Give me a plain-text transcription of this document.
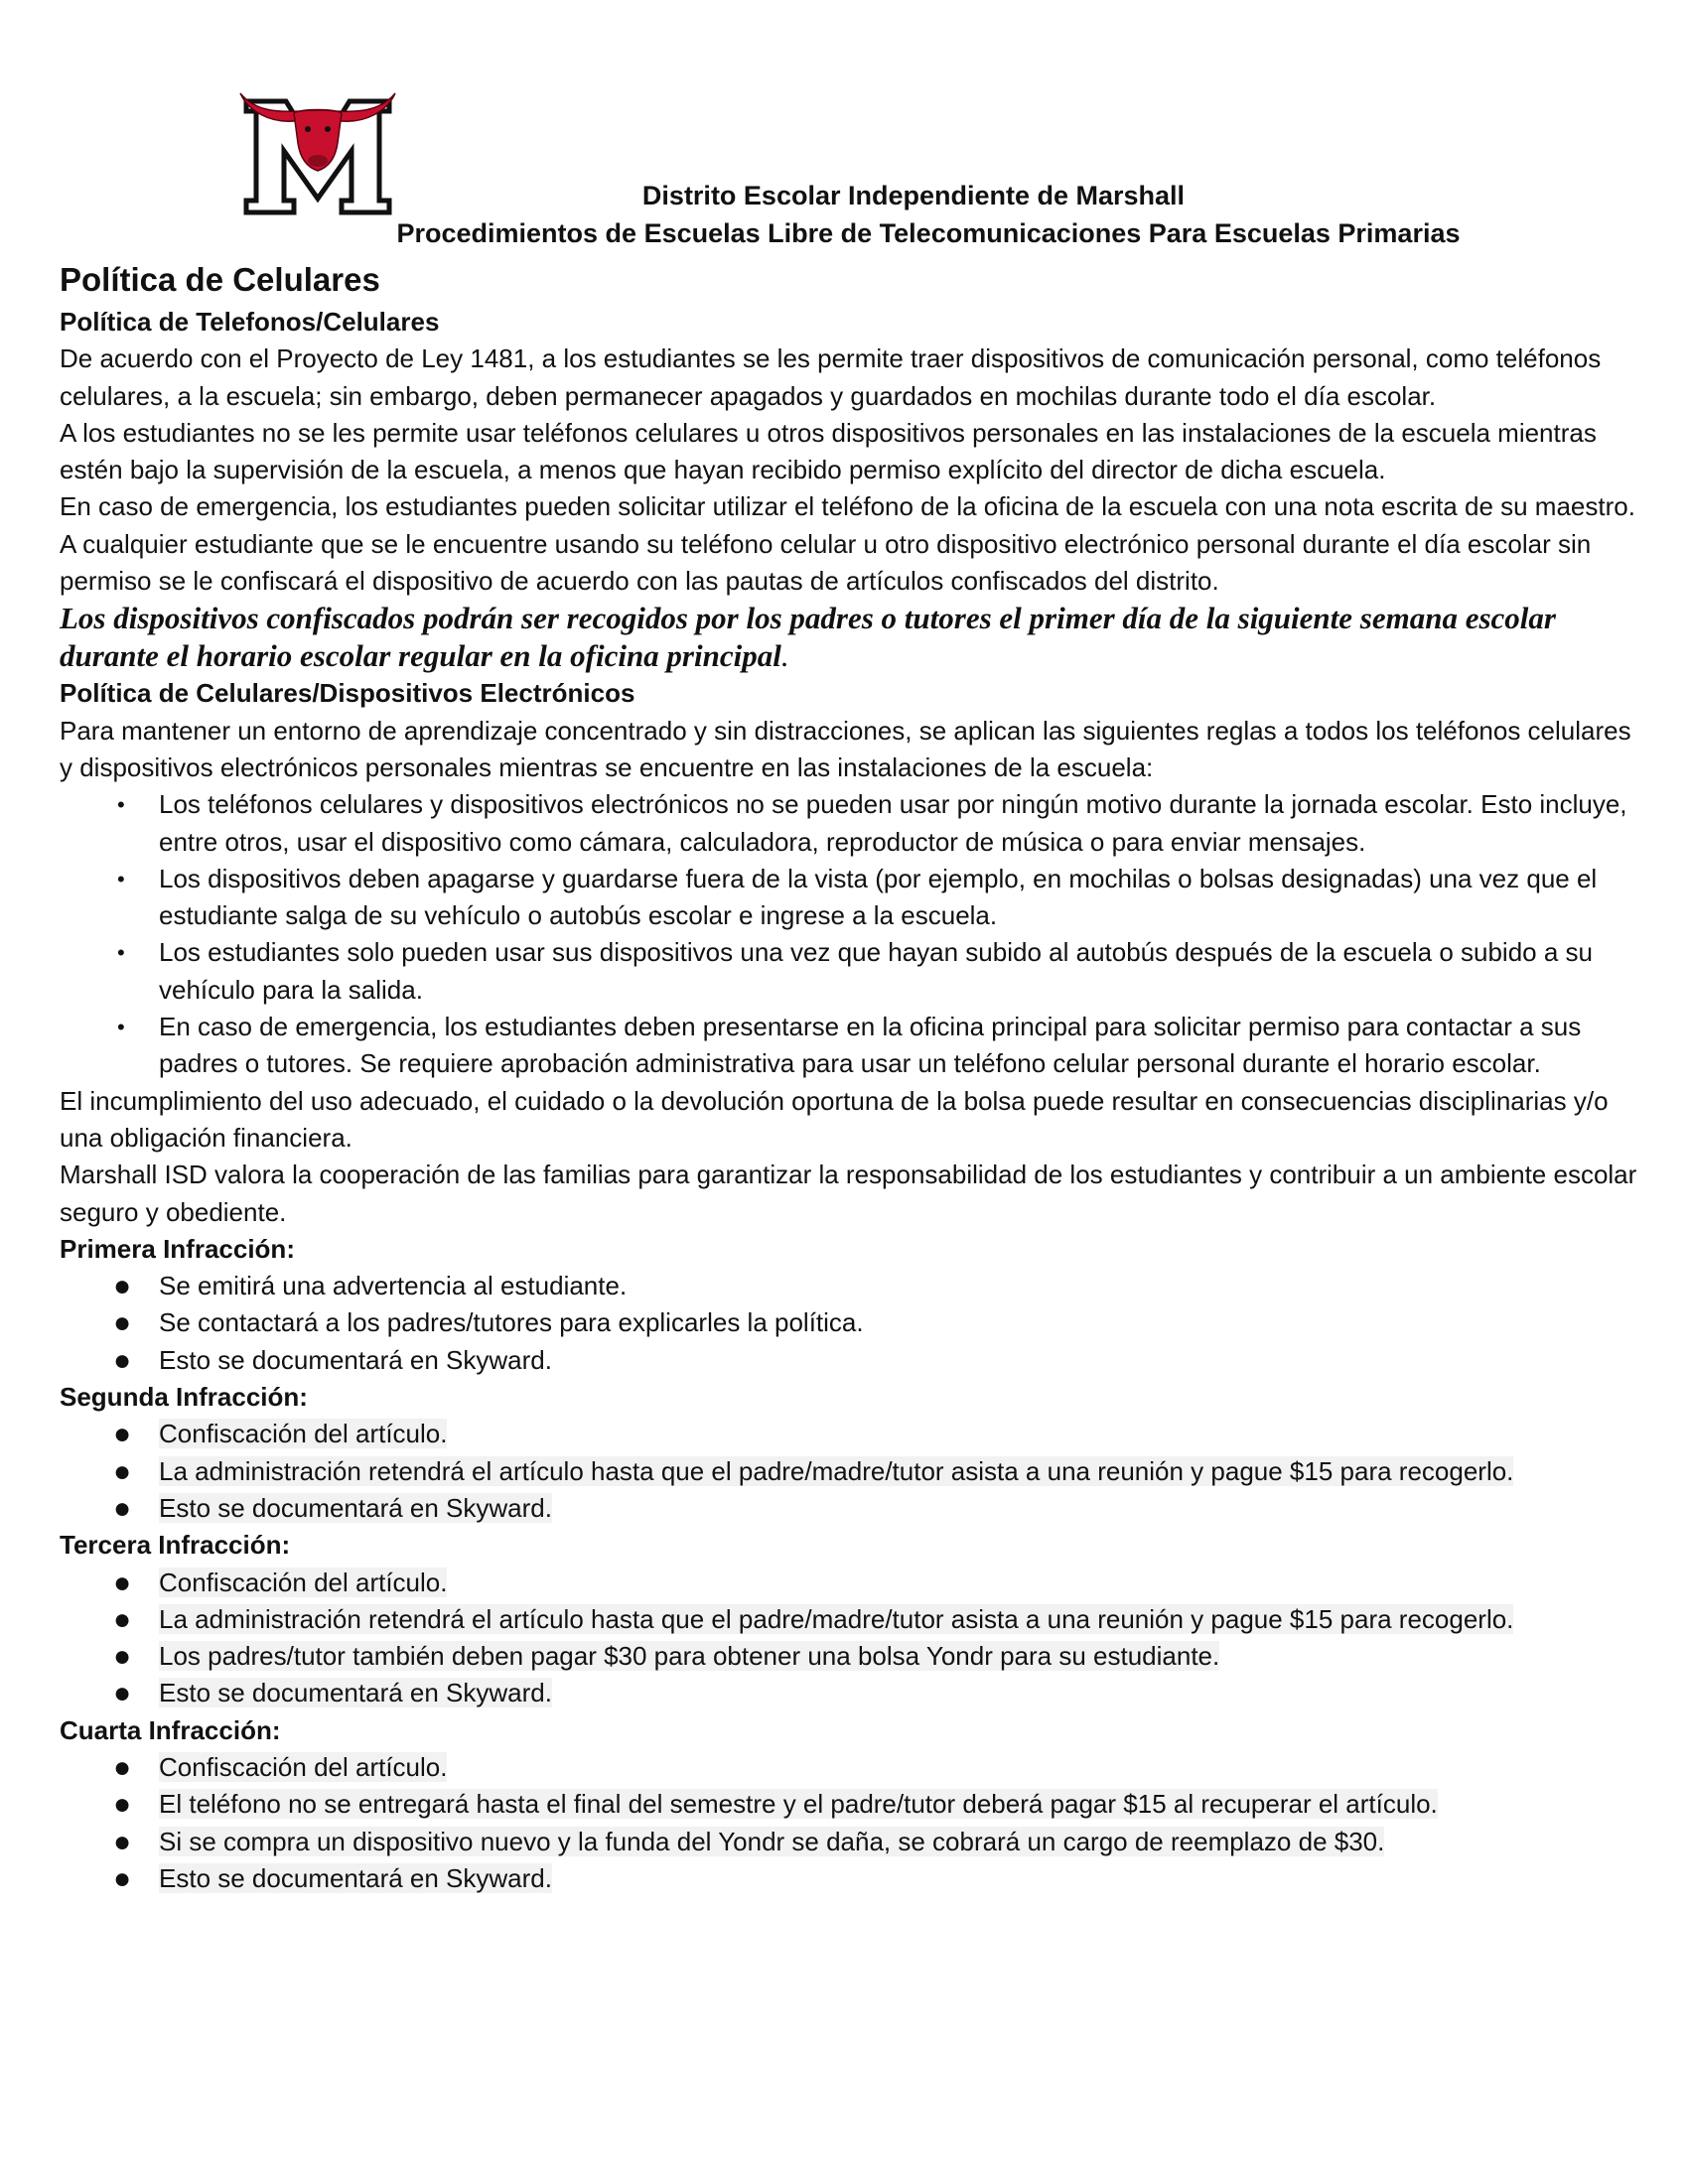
M
Distrito Escolar Independiente de Marshall
Procedimientos de Escuelas Libre de Telecomunicaciones Para Escuelas Primarias

Política de Celulares

Política de Telefonos/Celulares

De acuerdo con el Proyecto de Ley 1481, a los estudiantes se les permite traer dispositivos de comunicación personal, como teléfonos celulares, a la escuela; sin embargo, deben permanecer apagados y guardados en mochilas durante todo el día escolar.

A los estudiantes no se les permite usar teléfonos celulares u otros dispositivos personales en las instalaciones de la escuela mientras estén bajo la supervisión de la escuela, a menos que hayan recibido permiso explícito del director de dicha escuela.

En caso de emergencia, los estudiantes pueden solicitar utilizar el teléfono de la oficina de la escuela con una nota escrita de su maestro.

A cualquier estudiante que se le encuentre usando su teléfono celular u otro dispositivo electrónico personal durante el día escolar sin permiso se le confiscará el dispositivo de acuerdo con las pautas de artículos confiscados del distrito.

Los dispositivos confiscados podrán ser recogidos por los padres o tutores el primer día de la siguiente semana escolar durante el horario escolar regular en la oficina principal.

Política de Celulares/Dispositivos Electrónicos

Para mantener un entorno de aprendizaje concentrado y sin distracciones, se aplican las siguientes reglas a todos los teléfonos celulares y dispositivos electrónicos personales mientras se encuentre en las instalaciones de la escuela:

• Los teléfonos celulares y dispositivos electrónicos no se pueden usar por ningún motivo durante la jornada escolar. Esto incluye, entre otros, usar el dispositivo como cámara, calculadora, reproductor de música o para enviar mensajes.
• Los dispositivos deben apagarse y guardarse fuera de la vista (por ejemplo, en mochilas o bolsas designadas) una vez que el estudiante salga de su vehículo o autobús escolar e ingrese a la escuela.
• Los estudiantes solo pueden usar sus dispositivos una vez que hayan subido al autobús después de la escuela o subido a su vehículo para la salida.
• En caso de emergencia, los estudiantes deben presentarse en la oficina principal para solicitar permiso para contactar a sus padres o tutores. Se requiere aprobación administrativa para usar un teléfono celular personal durante el horario escolar.

El incumplimiento del uso adecuado, el cuidado o la devolución oportuna de la bolsa puede resultar en consecuencias disciplinarias y/o una obligación financiera.

Marshall ISD valora la cooperación de las familias para garantizar la responsabilidad de los estudiantes y contribuir a un ambiente escolar seguro y obediente.

Primera Infracción:

● Se emitirá una advertencia al estudiante.
● Se contactará a los padres/tutores para explicarles la política.
● Esto se documentará en Skyward.

Segunda Infracción:

● Confiscación del artículo.
● La administración retendrá el artículo hasta que el padre/madre/tutor asista a una reunión y pague $15 para recogerlo.
● Esto se documentará en Skyward.

Tercera Infracción:

● Confiscación del artículo.
● La administración retendrá el artículo hasta que el padre/madre/tutor asista a una reunión y pague $15 para recogerlo.
● Los padres/tutor también deben pagar $30 para obtener una bolsa Yondr para su estudiante.
● Esto se documentará en Skyward.

Cuarta Infracción:

● Confiscación del artículo.
● El teléfono no se entregará hasta el final del semestre y el padre/tutor deberá pagar $15 al recuperar el artículo.
● Si se compra un dispositivo nuevo y la funda del Yondr se daña, se cobrará un cargo de reemplazo de $30.
● Esto se documentará en Skyward.
